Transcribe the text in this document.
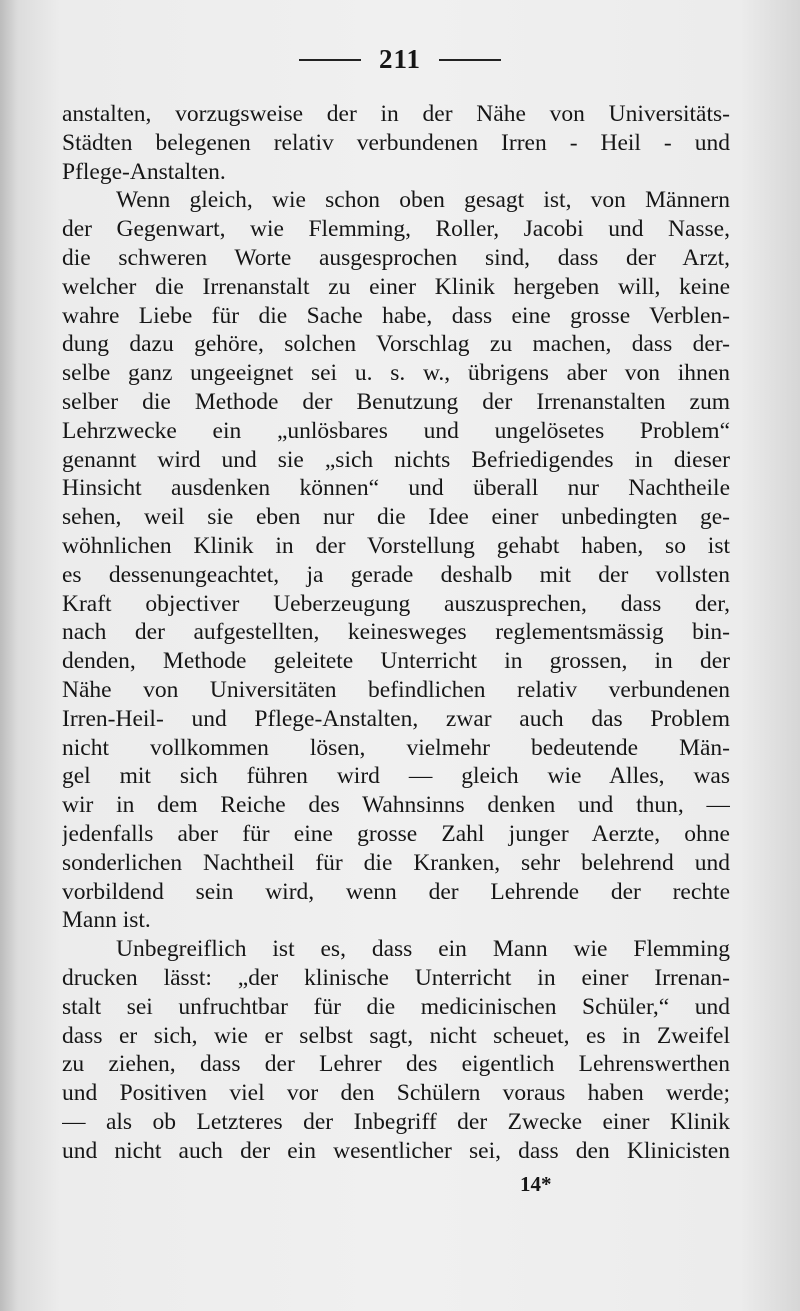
211
anstalten, vorzugsweise der in der Nähe von Universitäts-
Städten belegenen relativ verbundenen Irren - Heil - und
Pflege-Anstalten.
Wenn gleich, wie schon oben gesagt ist, von Männern
der Gegenwart, wie Flemming, Roller, Jacobi und Nasse,
die schweren Worte ausgesprochen sind, dass der Arzt,
welcher die Irrenanstalt zu einer Klinik hergeben will, keine
wahre Liebe für die Sache habe, dass eine grosse Verblen-
dung dazu gehöre, solchen Vorschlag zu machen, dass der-
selbe ganz ungeeignet sei u. s. w., übrigens aber von ihnen
selber die Methode der Benutzung der Irrenanstalten zum
Lehrzwecke ein „unlösbares und ungelösetes Problem“
genannt wird und sie „sich nichts Befriedigendes in dieser
Hinsicht ausdenken können“ und überall nur Nachtheile
sehen, weil sie eben nur die Idee einer unbedingten ge-
wöhnlichen Klinik in der Vorstellung gehabt haben, so ist
es dessenungeachtet, ja gerade deshalb mit der vollsten
Kraft objectiver Ueberzeugung auszusprechen, dass der,
nach der aufgestellten, keinesweges reglementsmässig bin-
denden, Methode geleitete Unterricht in grossen, in der
Nähe von Universitäten befindlichen relativ verbundenen
Irren-Heil- und Pflege-Anstalten, zwar auch das Problem
nicht vollkommen lösen, vielmehr bedeutende Män-
gel mit sich führen wird — gleich wie Alles, was
wir in dem Reiche des Wahnsinns denken und thun, —
jedenfalls aber für eine grosse Zahl junger Aerzte, ohne
sonderlichen Nachtheil für die Kranken, sehr belehrend und
vorbildend sein wird, wenn der Lehrende der rechte
Mann ist.
Unbegreiflich ist es, dass ein Mann wie Flemming
drucken lässt: „der klinische Unterricht in einer Irrenan-
stalt sei unfruchtbar für die medicinischen Schüler,“ und
dass er sich, wie er selbst sagt, nicht scheuet, es in Zweifel
zu ziehen, dass der Lehrer des eigentlich Lehrenswerthen
und Positiven viel vor den Schülern voraus haben werde;
— als ob Letzteres der Inbegriff der Zwecke einer Klinik
und nicht auch der ein wesentlicher sei, dass den Klinicisten
14*
